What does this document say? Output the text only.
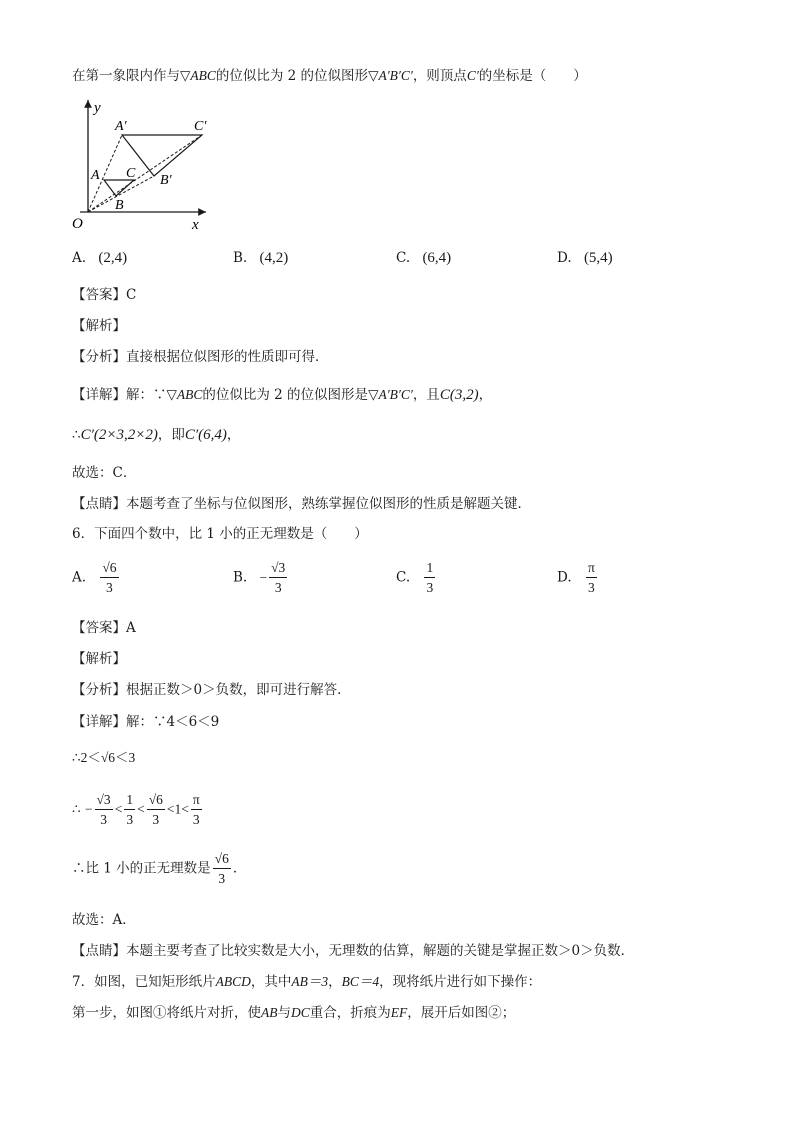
在第一象限内作与▽ABC的位似比为 2 的位似图形▽A′B′C′，则顶点C′的坐标是（　　）
y
x
O
A C
B
A′	C′
B′
A. (2,4)	B. (4,2)	C. (6,4)	D. (5,4)
【答案】C
【解析】
【分析】直接根据位似图形的性质即可得．
【详解】解：∵▽ABC的位似比为 2 的位似图形是▽A′B′C′，且C(3,2)，
∴C′(2×3,2×2)，即C′(6,4)，
故选：C．
【点睛】本题考查了坐标与位似图形，熟练掌握位似图形的性质是解题关键．
6．下面四个数中，比 1 小的正无理数是（　　）
A. $\frac{√6}{3}$	B. − $\frac{√3}{3}$	C. $\frac{1}{3}$	D. $\frac{\pi}{3}$
【答案】A
【解析】
【分析】根据正数＞0＞负数，即可进行解答．
【详解】解：∵4＜6＜9
∴2＜√6＜3
∴ − $\frac{√3}{3} < \frac{1}{3} < \frac{√6}{3} <1< \frac{\pi}{3}$
∴比 1 小的正无理数是 $\frac{√6}{3}$ ．
故选：A．
【点睛】本题主要考查了比较实数是大小，无理数的估算，解题的关键是掌握正数＞0＞负数．
7．如图，已知矩形纸片ABCD，其中AB＝3，BC＝4，现将纸片进行如下操作：
第一步，如图①将纸片对折，使AB与DC重合，折痕为EF，展开后如图②；
